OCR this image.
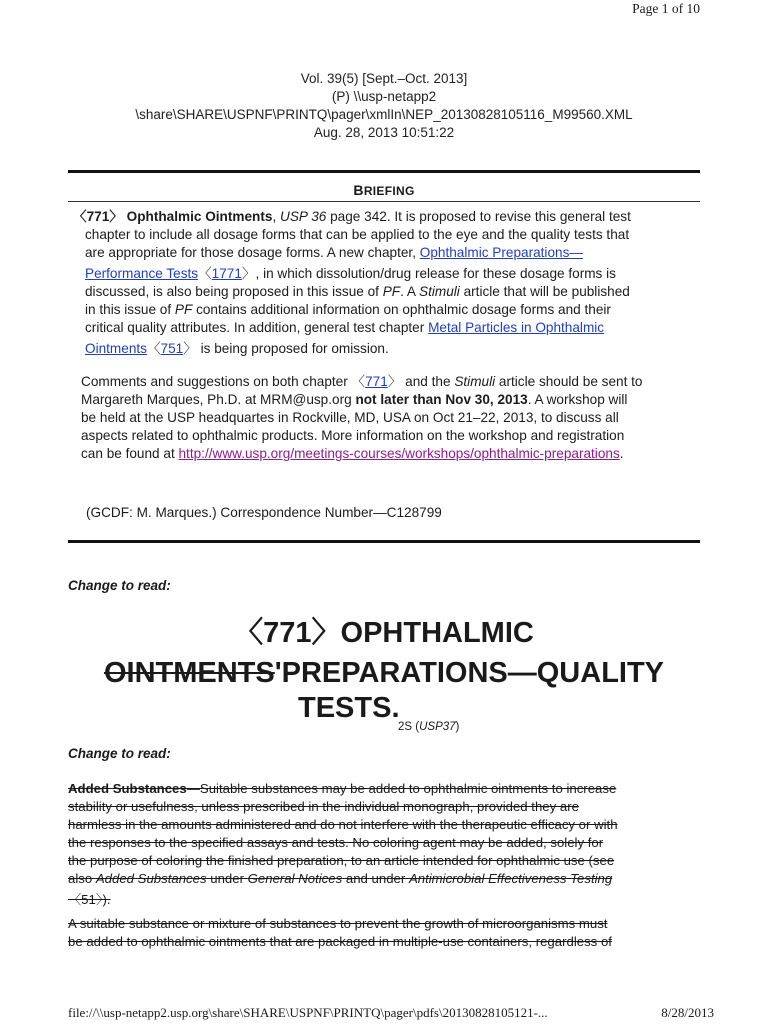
Page 1 of 10
Vol. 39(5) [Sept.–Oct. 2013]
(P) \\usp-netapp2
\share\SHARE\USPNF\PRINTQ\pager\xmlIn\NEP_20130828105116_M99560.XML
Aug. 28, 2013 10:51:22
BRIEFING
〈771〉 Ophthalmic Ointments, USP 36 page 342. It is proposed to revise this general test
chapter to include all dosage forms that can be applied to the eye and the quality tests that
are appropriate for those dosage forms. A new chapter, Ophthalmic Preparations—
Performance Tests〈1771〉, in which dissolution/drug release for these dosage forms is
discussed, is also being proposed in this issue of PF. A Stimuli article that will be published
in this issue of PF contains additional information on ophthalmic dosage forms and their
critical quality attributes. In addition, general test chapter Metal Particles in Ophthalmic
Ointments〈751〉 is being proposed for omission.
Comments and suggestions on both chapter 〈771〉 and the Stimuli article should be sent to
Margareth Marques, Ph.D. at MRM@usp.org not later than Nov 30, 2013. A workshop will
be held at the USP headquartes in Rockville, MD, USA on Oct 21–22, 2013, to discuss all
aspects related to ophthalmic products. More information on the workshop and registration
can be found at http://www.usp.org/meetings-courses/workshops/ophthalmic-preparations.
(GCDF: M. Marques.) Correspondence Number—C128799
Change to read:
〈771〉OPHTHALMIC
OINTMENTS'PREPARATIONS—QUALITY
TESTS.
2S (USP37)
Change to read:
Added Substances—Suitable substances may be added to ophthalmic ointments to increase
stability or usefulness, unless prescribed in the individual monograph, provided they are
harmless in the amounts administered and do not interfere with the therapeutic efficacy or with
the responses to the specified assays and tests. No coloring agent may be added, solely for
the purpose of coloring the finished preparation, to an article intended for ophthalmic use (see
also Added Substances under General Notices and under Antimicrobial Effectiveness Testing
〈51〉).
A suitable substance or mixture of substances to prevent the growth of microorganisms must
be added to ophthalmic ointments that are packaged in multiple-use containers, regardless of
file://\\usp-netapp2.usp.org\share\SHARE\USPNF\PRINTQ\pager\pdfs\20130828105121-...	8/28/2013
